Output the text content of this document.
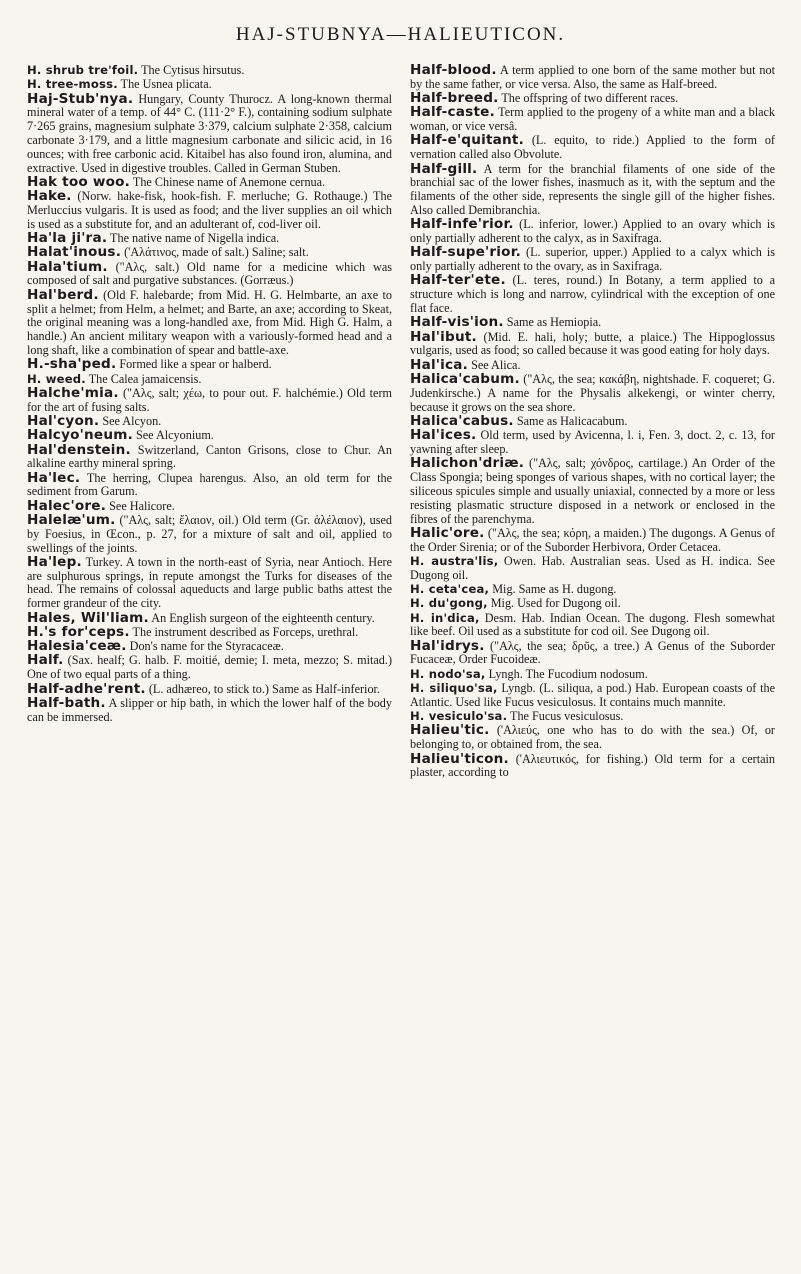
HAJ-STUBNYA—HALIEUTICON.

H. shrub tre'foil. The Cytisus hirsutus.

H. tree-moss. The Usnea plicata.

Haj-Stub'nya. Hungary, County Thurocz. A long-known thermal mineral water of a temp. of 44° C. (111·2° F.), containing sodium sulphate 7·265 grains, magnesium sulphate 3·379, calcium sulphate 2·358, calcium carbonate 3·179, and a little magnesium carbonate and silicic acid, in 16 ounces; with free carbonic acid. Kitaibel has also found iron, alumina, and extractive. Used in digestive troubles. Called in German Stuben.

Hak too woo. The Chinese name of Anemone cernua.

Hake. (Norw. hake-fisk, hook-fish. F. merluche; G. Rothauge.) The Merluccius vulgaris. It is used as food; and the liver supplies an oil which is used as a substitute for, and an adulterant of, cod-liver oil.

Ha'la ji'ra. The native name of Nigella indica.

Halat'inous. ('Aλάτινος, made of salt.) Saline; salt.

Hala'tium. ("Aλς, salt.) Old name for a medicine which was composed of salt and purgative substances. (Gorræus.)

Hal'berd. (Old F. halebarde; from Mid. H. G. Helmbarte, an axe to split a helmet; from Helm, a helmet; and Barte, an axe; according to Skeat, the original meaning was a long-handled axe, from Mid. High G. Halm, a handle.) An ancient military weapon with a variously-formed head and a long shaft, like a combination of spear and battle-axe.

H.-sha'ped. Formed like a spear or halberd.

H. weed. The Calea jamaicensis.

Halche'mia. ("Aλς, salt; χέω, to pour out. F. halchémie.) Old term for the art of fusing salts.

Hal'cyon. See Alcyon.

Halcyo'neum. See Alcyonium.

Hal'denstein. Switzerland, Canton Grisons, close to Chur. An alkaline earthy mineral spring.

Ha'lec. The herring, Clupea harengus. Also, an old term for the sediment from Garum.

Halec'ore. See Halicore.

Halelæ'um. ("Aλς, salt; ἔλαιον, oil.) Old term (Gr. ἁλέλαιον), used by Foesius, in Œcon., p. 27, for a mixture of salt and oil, applied to swellings of the joints.

Ha'lep. Turkey. A town in the north-east of Syria, near Antioch. Here are sulphurous springs, in repute amongst the Turks for diseases of the head. The remains of colossal aqueducts and large public baths attest the former grandeur of the city.

Hales, Wil'liam. An English surgeon of the eighteenth century.

H.'s for'ceps. The instrument described as Forceps, urethral.

Halesia'ceæ. Don's name for the Styracaceæ.

Half. (Sax. healf; G. halb. F. moitié, demie; I. meta, mezzo; S. mitad.) One of two equal parts of a thing.

Half-adhe'rent. (L. adhæreo, to stick to.) Same as Half-inferior.

Half-bath. A slipper or hip bath, in which the lower half of the body can be immersed.

Half-blood. A term applied to one born of the same mother but not by the same father, or vice versa. Also, the same as Half-breed.

Half-breed. The offspring of two different races.

Half-caste. Term applied to the progeny of a white man and a black woman, or vice versâ.

Half-e'quitant. (L. equito, to ride.) Applied to the form of vernation called also Obvolute.

Half-gill. A term for the branchial filaments of one side of the branchial sac of the lower fishes, inasmuch as it, with the septum and the filaments of the other side, represents the single gill of the higher fishes. Also called Demibranchia.

Half-infe'rior. (L. inferior, lower.) Applied to an ovary which is only partially adherent to the calyx, as in Saxifraga.

Half-supe'rior. (L. superior, upper.) Applied to a calyx which is only partially adherent to the ovary, as in Saxifraga.

Half-ter'ete. (L. teres, round.) In Botany, a term applied to a structure which is long and narrow, cylindrical with the exception of one flat face.

Half-vis'ion. Same as Hemiopia.

Hal'ibut. (Mid. E. hali, holy; butte, a plaice.) The Hippoglossus vulgaris, used as food; so called because it was good eating for holy days.

Hal'ica. See Alica.

Halica'cabum. ("Aλς, the sea; κακάβη, nightshade. F. coqueret; G. Judenkirsche.) A name for the Physalis alkekengi, or winter cherry, because it grows on the sea shore.

Halica'cabus. Same as Halicacabum.

Hal'ices. Old term, used by Avicenna, l. i, Fen. 3, doct. 2, c. 13, for yawning after sleep.

Halichon'driæ. ("Aλς, salt; χόνδρος, cartilage.) An Order of the Class Spongia; being sponges of various shapes, with no cortical layer; the siliceous spicules simple and usually uniaxial, connected by a more or less resisting plasmatic structure disposed in a network or enclosed in the fibres of the parenchyma.

Halic'ore. ("Aλς, the sea; κόρη, a maiden.) The dugongs. A Genus of the Order Sirenia; or of the Suborder Herbivora, Order Cetacea.

H. austra'lis, Owen. Hab. Australian seas. Used as H. indica. See Dugong oil.

H. ceta'cea, Mig. Same as H. dugong.

H. du'gong, Mig. Used for Dugong oil.

H. in'dica, Desm. Hab. Indian Ocean. The dugong. Flesh somewhat like beef. Oil used as a substitute for cod oil. See Dugong oil.

Hal'idrys. ("Aλς, the sea; δρῦς, a tree.) A Genus of the Suborder Fucaceæ, Order Fucoideæ.

H. nodo'sa, Lyngh. The Fucodium nodosum.

H. siliquo'sa, Lyngb. (L. siliqua, a pod.) Hab. European coasts of the Atlantic. Used like Fucus vesiculosus. It contains much mannite.

H. vesiculo'sa. The Fucus vesiculosus.

Halieu'tic. ('Aλιεύς, one who has to do with the sea.) Of, or belonging to, or obtained from, the sea.

Halieu'ticon. ('Aλιευτικός, for fishing.) Old term for a certain plaster, according to
